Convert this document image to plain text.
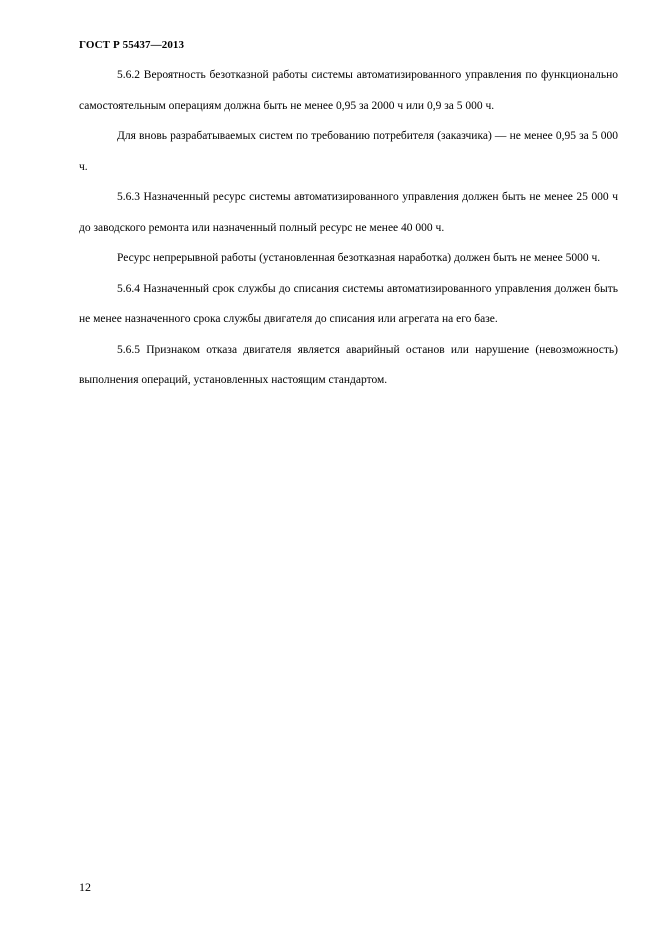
ГОСТ Р 55437—2013

5.6.2 Вероятность безотказной работы системы автоматизированного управления по функционально самостоятельным операциям должна быть не менее 0,95 за 2000 ч или 0,9 за 5 000 ч.

Для вновь разрабатываемых систем по требованию потребителя (заказчика) — не менее 0,95 за 5 000 ч.

5.6.3 Назначенный ресурс системы автоматизированного управления должен быть не менее 25 000 ч до заводского ремонта или назначенный полный ресурс не менее 40 000 ч.

Ресурс непрерывной работы (установленная безотказная наработка) должен быть не менее 5000 ч.

5.6.4 Назначенный срок службы до списания системы автоматизированного управления должен быть не менее назначенного срока службы двигателя до списания или агрегата на его базе.

5.6.5 Признаком отказа двигателя является аварийный останов или нарушение (невозможность) выполнения операций, установленных настоящим стандартом.

12
